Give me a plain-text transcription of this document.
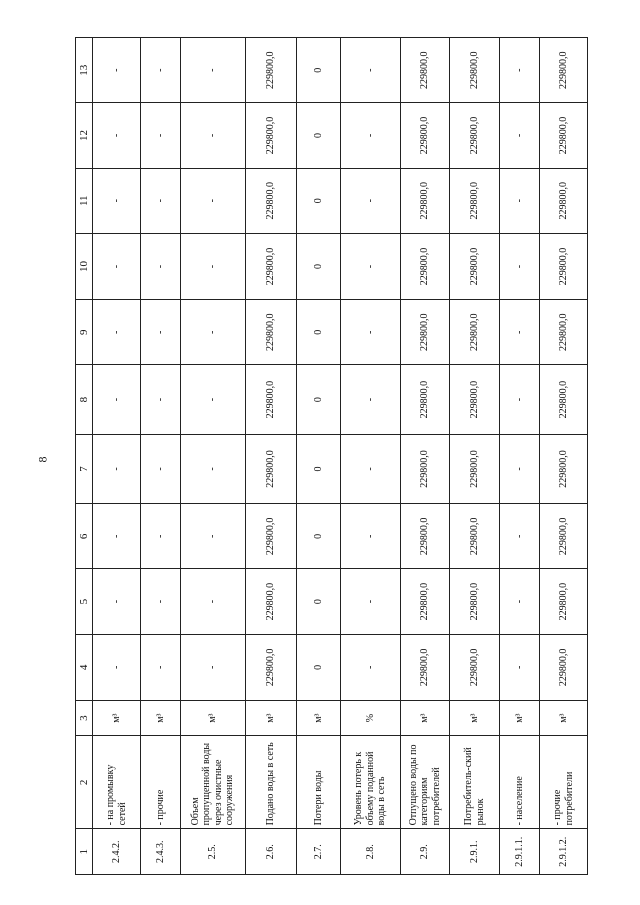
8
1	2	3	4	5	6	7	8	9	10	11	12	13
2.4.2.	- на промывку сетей	м³	-	-	-	-	-	-	-	-	-	-
2.4.3.	- прочие	м³	-	-	-	-	-	-	-	-	-	-
2.5.	Объем пропущенной воды через очистные сооружения	м³	-	-	-	-	-	-	-	-	-	-
2.6.	Подано воды в сеть	м³	229800,0	229800,0	229800,0	229800,0	229800,0	229800,0	229800,0	229800,0	229800,0	229800,0
2.7.	Потери воды	м³	0	0	0	0	0	0	0	0	0	0
2.8.	Уровень потерь к объему поданной воды в сеть	%	-	-	-	-	-	-	-	-	-	-
2.9.	Отпущено воды по категориям потребителей	м³	229800,0	229800,0	229800,0	229800,0	229800,0	229800,0	229800,0	229800,0	229800,0	229800,0
2.9.1.	Потребитель-ский рынок	м³	229800,0	229800,0	229800,0	229800,0	229800,0	229800,0	229800,0	229800,0	229800,0	229800,0
2.9.1.1.	- население	м³	-	-	-	-	-	-	-	-	-	-
2.9.1.2.	- прочие потребители	м³	229800,0	229800,0	229800,0	229800,0	229800,0	229800,0	229800,0	229800,0	229800,0	229800,0
